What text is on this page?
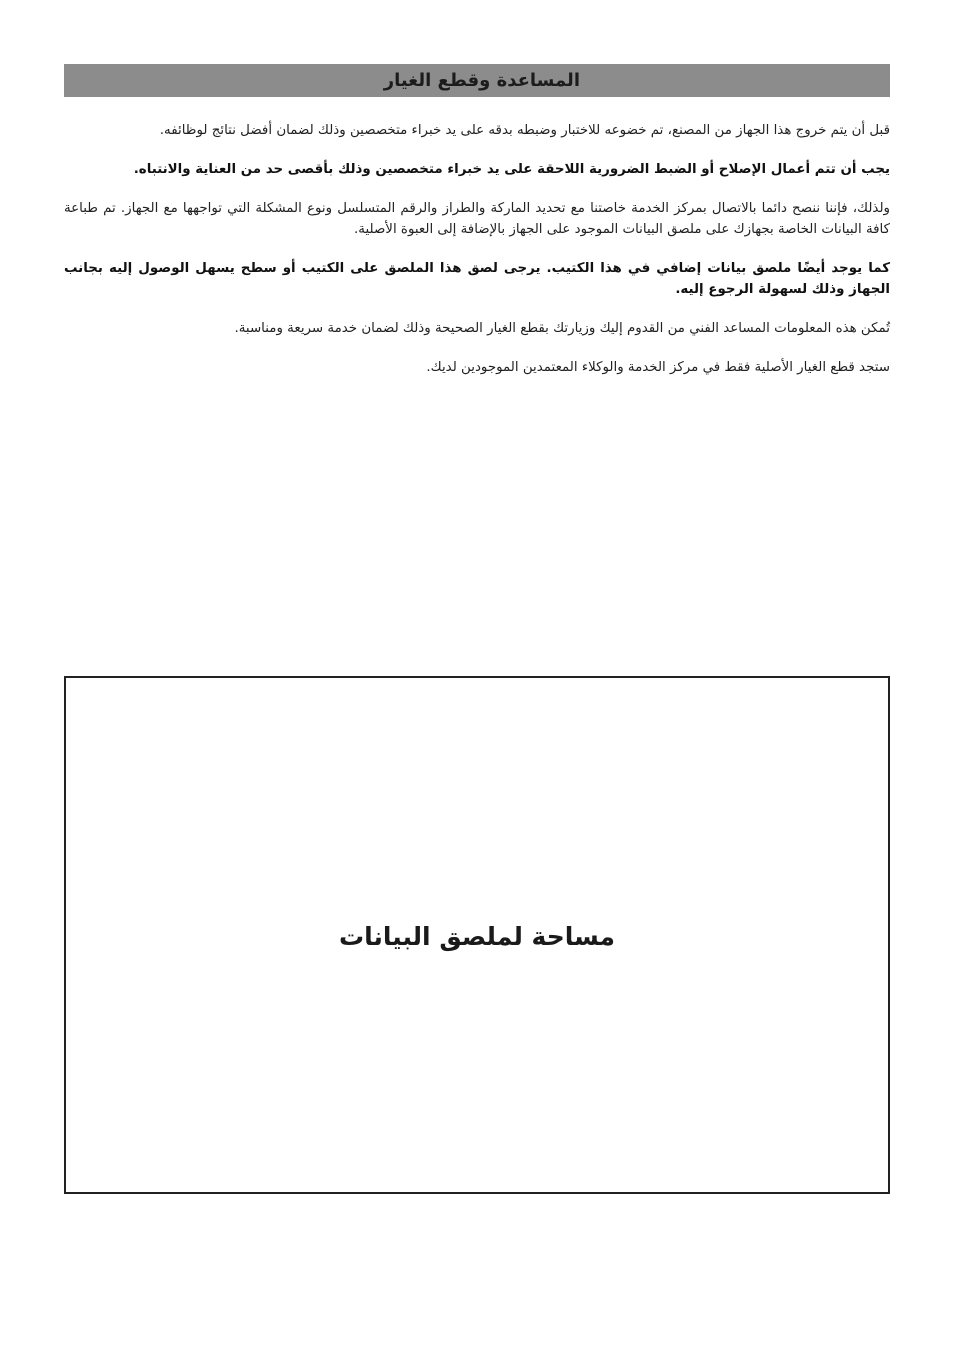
المساعدة وقطع الغيار

قبل أن يتم خروج هذا الجهاز من المصنع، تم خضوعه للاختبار وضبطه بدقه على يد خبراء متخصصين وذلك لضمان أفضل نتائج لوظائفه.

يجب أن تتم أعمال الإصلاح أو الضبط الضرورية اللاحقة على يد خبراء متخصصين وذلك بأقصى حد من العناية والانتباه.

ولذلك، فإننا ننصح دائما بالاتصال بمركز الخدمة خاصتنا مع تحديد الماركة والطراز والرقم المتسلسل ونوع المشكلة التي تواجهها مع الجهاز. تم طباعة كافة البيانات الخاصة بجهازك على ملصق البيانات الموجود على الجهاز بالإضافة إلى العبوة الأصلية.

كما يوجد أيضًا ملصق بيانات إضافي في هذا الكتيب. يرجى لصق هذا الملصق على الكتيب أو سطح يسهل الوصول إليه بجانب الجهاز وذلك لسهولة الرجوع إليه.

تُمكن هذه المعلومات المساعد الفني من القدوم إليك وزيارتك بقطع الغيار الصحيحة وذلك لضمان خدمة سريعة ومناسبة.

ستجد قطع الغيار الأصلية فقط في مركز الخدمة والوكلاء المعتمدين الموجودين لديك.

مساحة لملصق البيانات
